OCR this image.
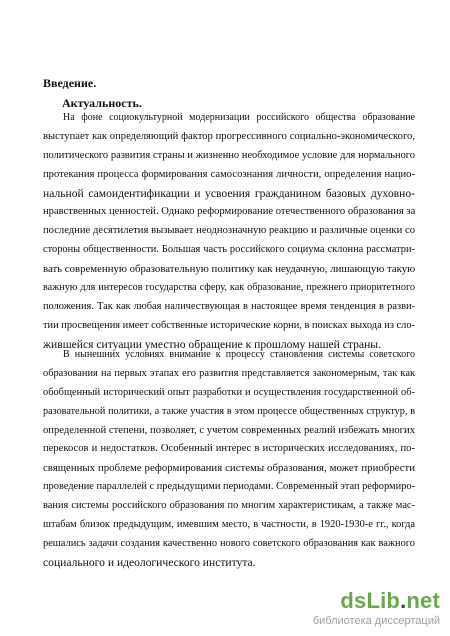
Введение.
Актуальность.
На фоне социокультурной модернизации российского общества образование
выступает как определяющий фактор прогрессивного социально-экономического,
политического развития страны и жизненно необходимое условие для нормального
протекания процесса формирования самосознания личности, определения нацио-
нальной самоидентификации и усвоения гражданином базовых духовно-
нравственных ценностей. Однако реформирование отечественного образования за
последние десятилетия вызывает неоднозначную реакцию и различные оценки со
стороны общественности. Большая часть российского социума склонна рассматри-
вать современную образовательную политику как неудачную, лишающую такую
важную для интересов государства сферу, как образование, прежнего приоритетного
положения. Так как любая наличествующая в настоящее время тенденция в разви-
тии просвещения имеет собственные исторические корни, в поисках выхода из сло-
жившейся ситуации уместно обращение к прошлому нашей страны.
В нынешних условиях внимание к процессу становления системы советского
образования на первых этапах его развития представляется закономерным, так как
обобщенный исторический опыт разработки и осуществления государственной об-
разовательной политики, а также участия в этом процессе общественных структур, в
определенной степени, позволяет, с учетом современных реалий избежать многих
перекосов и недостатков. Особенный интерес в исторических исследованиях, по-
священных проблеме реформирования системы образования, может приобрести
проведение параллелей с предыдущими периодами. Современный этап реформиро-
вания системы российского образования по многим характеристикам, а также мас-
штабам близок предыдущим, имевшим место, в частности, в 1920-1930-е гг., когда
решались задачи создания качественно нового советского образования как важного
социального и идеологического института.
dsLib.net
библиотека диссертаций
